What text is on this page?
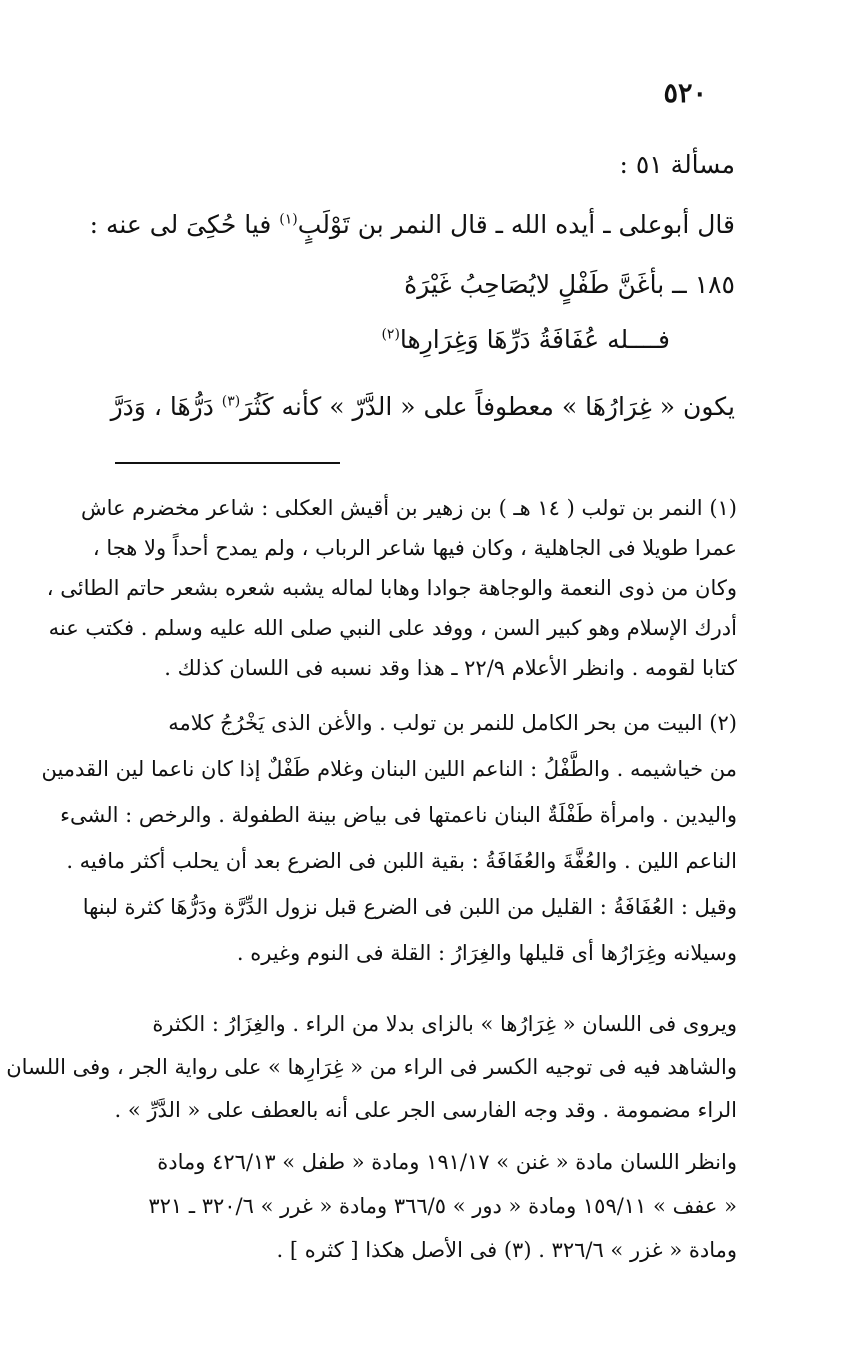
٥٢٠
مسألة ٥١ :
قال أبوعلى ـ أيده الله ـ قال النمر بن تَوْلَبٍ$^{(١)}$ فيا حُكِىَ لى عنه :
١٨٥ ــ بأغَنَّ طَفْلٍ لايُصَاحِبُ غَيْرَهُ
فــــله عُفَافَةُ دَرِّهَا وَغِرَارِها$^{(٢)}$
يكون « غِرَارُهَا » معطوفاً على « الدَّرّ » كأنه كَثُرَ$^{(٣)}$ دَرُّهَا ، وَدَرَّ
(١) النمر بن تولب ( ١٤ هـ ) بن زهير بن أقيش العكلى : شاعر مخضرم عاش
عمرا طويلا فى الجاهلية ، وكان فيها شاعر الرباب ، ولم يمدح أحداً ولا هجا ،
وكان من ذوى النعمة والوجاهة جوادا وهابا لماله يشبه شعره بشعر حاتم الطائى ،
أدرك الإسلام وهو كبير السن ، ووفد على النبي صلى الله عليه وسلم . فكتب عنه
كتابا لقومه . وانظر الأعلام ٢٢/٩ ـ هذا وقد نسبه فى اللسان كذلك .
(٢) البيت من بحر الكامل للنمر بن تولب . والأغن الذى يَخْرُجُ كلامه
من خياشيمه . والطَّفْلُ : الناعم اللين البنان وغلام طَفْلٌ إذا كان ناعما لين القدمين
واليدين . وامرأة طَفْلَةٌ البنان ناعمتها فى بياض بينة الطفولة . والرخص : الشىء
الناعم اللين . والعُفَّةَ والعُفَافَةُ : بقية اللبن فى الضرع بعد أن يحلب أكثر مافيه .
وقيل : العُفَافَةُ : القليل من اللبن فى الضرع قبل نزول الدِّرَّة ودَرُّهَا كثرة لبنها
وسيلانه وغِرَارُها أى قليلها والغِرَارُ : القلة فى النوم وغيره .
ويروى فى اللسان « غِرَارُها » بالزاى بدلا من الراء . والغِزَارُ : الكثرة
والشاهد فيه فى توجيه الكسر فى الراء من « غِرَارِها » على رواية الجر ، وفى اللسان
الراء مضمومة . وقد وجه الفارسى الجر على أنه بالعطف على « الدَّرِّ » .
وانظر اللسان مادة « غنن » ١٩١/١٧ ومادة « طفل » ٤٢٦/١٣ ومادة
« عفف » ١٥٩/١١ ومادة « دور » ٣٦٦/٥ ومادة « غرر » ٣٢٠/٦ ـ ٣٢١
ومادة « غزر » ٣٢٦/٦ . (٣) فى الأصل هكذا [ كثره ] .
